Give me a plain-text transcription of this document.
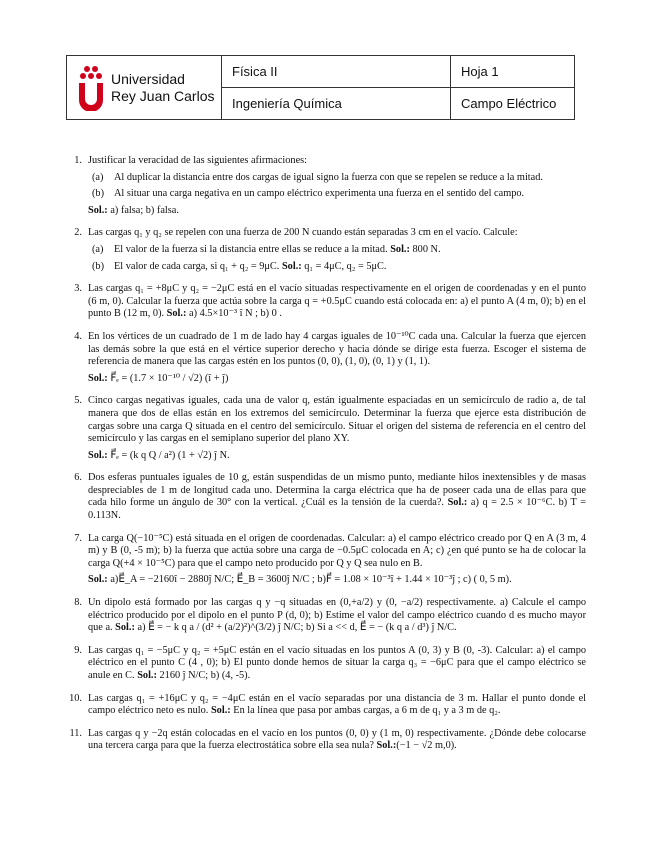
Universidad
Rey Juan Carlos
Física II
Ingeniería Química
Hoja 1
Campo Eléctrico
1. Justificar la veracidad de las siguientes afirmaciones:
(a)	Al duplicar la distancia entre dos cargas de igual signo la fuerza con que se repelen se reduce a la mitad.
(b) Al situar una carga negativa en un campo eléctrico experimenta una fuerza en el sentido del campo.
Sol.: a) falsa; b) falsa.
2. Las cargas q₁ y q₂ se repelen con una fuerza de 200 N cuando están separadas 3 cm en el vacío. Calcule:
(a)	El valor de la fuerza si la distancia entre ellas se reduce a la mitad. Sol.: 800 N.
(b) El valor de cada carga, si q₁ + q₂ = 9μC. Sol.: q₁ = 4μC, q₂ = 5μC.
3. Las cargas q₁ = +8μC y q₂ = −2μC está en el vacío situadas respectivamente en el origen de coordenadas y en el punto (6 m, 0). Calcular la fuerza que actúa sobre la carga q = +0.5μC cuando está colocada en: a) el punto A (4 m, 0); b) en el punto B (12 m, 0). Sol.: a) 4.5×10⁻³ î N ; b) 0 .
4. En los vértices de un cuadrado de 1 m de lado hay 4 cargas iguales de 10⁻¹⁰C cada una. Calcular la fuerza que ejercen las demás sobre la que está en el vértice superior derecho y hacia dónde se dirige esta fuerza. Escoger el sistema de referencia de manera que las cargas estén en los puntos (0, 0), (1, 0), (0, 1) y (1, 1).
Sol.: F⃗ₑ = (1.7 × 10⁻¹⁰ / √2) (î + ĵ)
5. Cinco cargas negativas iguales, cada una de valor q, están igualmente espaciadas en un semicírculo de radio a, de tal manera que dos de ellas están en los extremos del semicírculo. Determinar la fuerza que ejerce esta distribución de cargas sobre una carga Q situada en el centro del semicírculo. Situar el origen del sistema de referencia en el centro del semicírculo y las cargas en el semiplano superior del plano XY.
Sol.: F⃗ₑ = (k q Q / a²) (1 + √2) ĵ N.
6. Dos esferas puntuales iguales de 10 g, están suspendidas de un mismo punto, mediante hilos inextensibles y de masas despreciables de 1 m de longitud cada uno. Determina la carga eléctrica que ha de poseer cada una de ellas para que cada hilo forme un ángulo de 30° con la vertical. ¿Cuál es la tensión de la cuerda?. Sol.: a) q = 2.5 × 10⁻⁶C. b) T = 0.113N.
7. La carga Q(−10⁻⁵C) está situada en el origen de coordenadas. Calcular: a) el campo eléctrico creado por Q en A (3 m, 4 m) y B (0, -5 m); b) la fuerza que actúa sobre una carga de −0.5μC colocada en A; c) ¿en qué punto se ha de colocar la carga Q(+4 × 10⁻⁵C) para que el campo neto producido por Q y Q sea nulo en B.
Sol.: a)E⃗_A = −2160î − 2880ĵ N/C; E⃗_B = 3600ĵ N/C ; b)F⃗ = 1.08 × 10⁻³î + 1.44 × 10⁻³ĵ ; c) ( 0, 5 m).
8. Un dipolo está formado por las cargas q y −q situadas en (0,+a/2) y (0, −a/2) respectivamente. a) Calcule el campo eléctrico producido por el dipolo en el punto P (d, 0); b) Estime el valor del campo eléctrico cuando d es mucho mayor que a. Sol.: a) E⃗ = − k q a / (d² + (a/2)²)^(3/2) ĵ N/C; b) Si a << d, E⃗ = − (k q a / d³) ĵ N/C.
9. Las cargas q₁ = −5μC y q₂ = +5μC están en el vacío situadas en los puntos A (0, 3) y B (0, -3). Calcular: a) el campo eléctrico en el punto C (4 , 0); b) El punto donde hemos de situar la carga q₃ = −6μC para que el campo eléctrico se anule en C. Sol.: 2160 ĵ N/C; b) (4, -5).
10. Las cargas q₁ = +16μC y q₂ = −4μC están en el vacío separadas por una distancia de 3 m. Hallar el punto donde el campo eléctrico neto es nulo. Sol.: En la línea que pasa por ambas cargas, a 6 m de q₁ y a 3 m de q₂.
11. Las cargas q y −2q están colocadas en el vacío en los puntos (0, 0) y (1 m, 0) respectivamente. ¿Dónde debe colocarse una tercera carga para que la fuerza electrostática sobre ella sea nula? Sol.:(−1 − √2 m,0).
